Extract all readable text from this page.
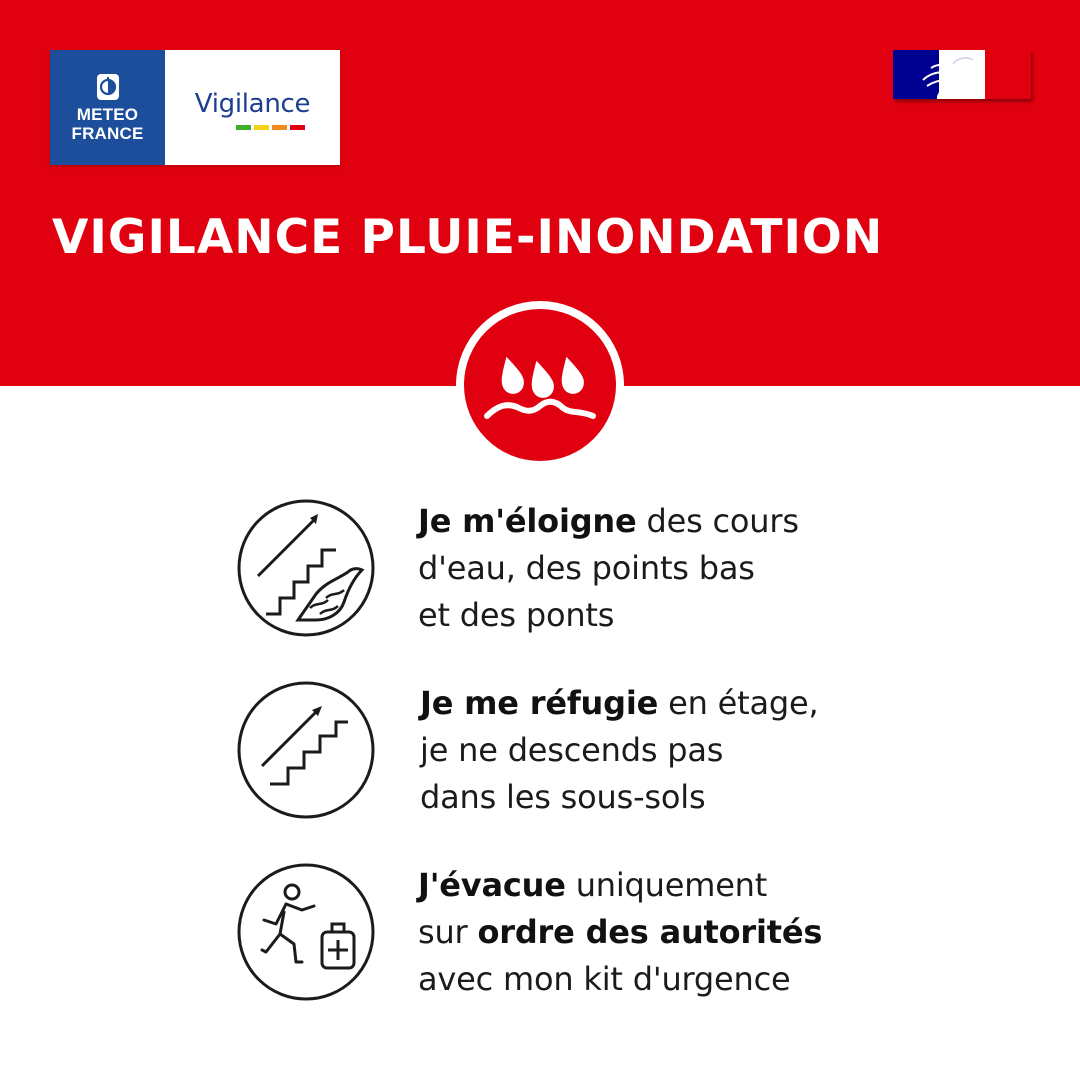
METEO
FRANCE
Vigilance
VIGILANCE PLUIE-INONDATION
Je m'éloigne des cours
d'eau, des points bas
et des ponts
Je me réfugie en étage,
je ne descends pas
dans les sous-sols
J'évacue uniquement
sur ordre des autorités
avec mon kit d'urgence
